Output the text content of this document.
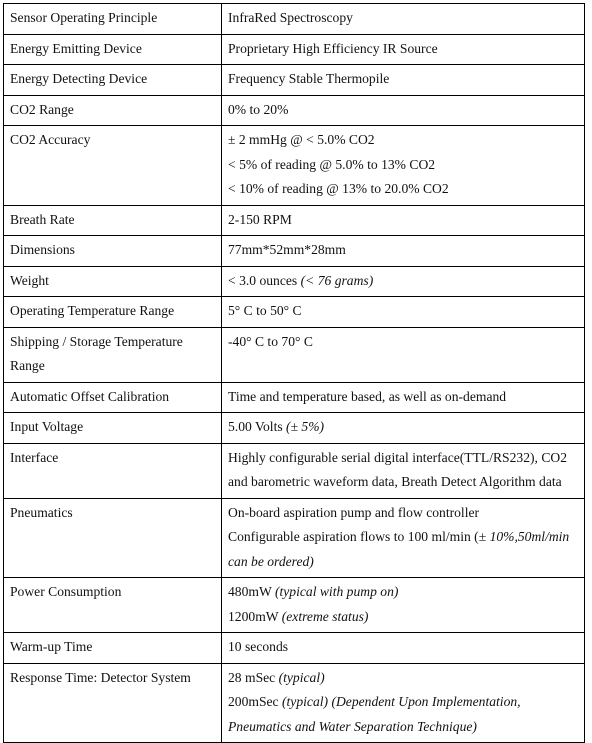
Sensor Operating Principle	InfraRed Spectroscopy

Energy Emitting Device	Proprietary High Efficiency IR Source

Energy Detecting Device	Frequency Stable Thermopile

CO2 Range	0% to 20%

CO2 Accuracy	± 2 mmHg @ < 5.0% CO2
< 5% of reading @ 5.0% to 13% CO2
< 10% of reading @ 13% to 20.0% CO2

Breath Rate	2-150 RPM

Dimensions	77mm*52mm*28mm

Weight	< 3.0 ounces (< 76 grams)

Operating Temperature Range	5° C to 50° C

Shipping / Storage Temperature Range	-40° C to 70° C

Automatic Offset Calibration	Time and temperature based, as well as on-demand

Input Voltage	5.00 Volts (± 5%)

Interface	Highly configurable serial digital interface(TTL/RS232), CO2 and barometric waveform data, Breath Detect Algorithm data

Pneumatics	On-board aspiration pump and flow controller
Configurable aspiration flows to 100 ml/min (± 10%,50ml/min can be ordered)

Power Consumption	480mW (typical with pump on)
1200mW (extreme status)

Warm-up Time	10 seconds

Response Time: Detector System	28 mSec (typical)
200mSec (typical) (Dependent Upon Implementation, Pneumatics and Water Separation Technique)
